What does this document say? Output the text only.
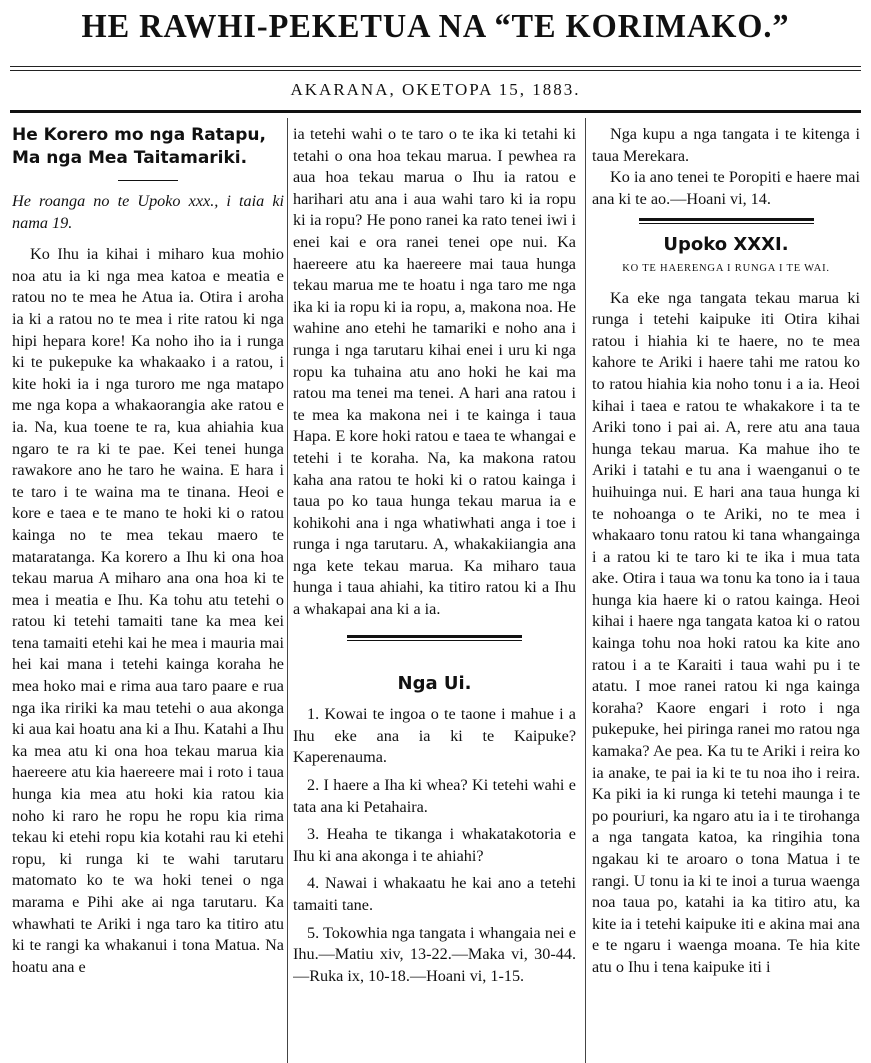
HE RAWHI-PEKETUA NA “TE KORIMAKO.”
AKARANA, OKETOPA 15, 1883.
He Korero mo nga Ratapu, Ma nga Mea Taitamariki.

He roanga no te Upoko xxx., i taia ki nama 19.

Ko Ihu ia kihai i miharo kua mohio noa atu ia ki nga mea katoa e meatia e ratou no te mea he Atua ia. Otira i aroha ia ki a ratou no te mea i rite ratou ki nga hipi hepara kore! Ka noho iho ia i runga ki te pukepuke ka whakaako i a ratou, i kite hoki ia i nga turoro me nga matapo me nga kopa a whakaorangia ake ratou e ia. Na, kua toene te ra, kua ahiahia kua ngaro te ra ki te pae. Kei tenei hunga rawakore ano he taro he waina. E hara i te taro i te waina ma te tinana. Heoi e kore e taea e te mano te hoki ki o ratou kainga no te mea tekau maero te mataratanga. Ka korero a Ihu ki ona hoa tekau marua A miharo ana ona hoa ki te mea i meatia e Ihu. Ka tohu atu tetehi o ratou ki tetehi tamaiti tane ka mea kei tena tamaiti etehi kai he mea i mauria mai hei kai mana i tetehi kainga koraha he mea hoko mai e rima aua taro paare e rua nga ika ririki ka mau tetehi o aua akonga ki aua kai hoatu ana ki a Ihu. Katahi a Ihu ka mea atu ki ona hoa tekau marua kia haereere atu kia haereere mai i roto i taua hunga kia mea atu hoki kia ratou kia noho ki raro he ropu he ropu kia rima tekau ki etehi ropu kia kotahi rau ki etehi ropu, ki runga ki te wahi tarutaru matomato ko te wa hoki tenei o nga marama e Pihi ake ai nga tarutaru. Ka whawhati te Ariki i nga taro ka titiro atu ki te rangi ka whakanui i tona Matua. Na hoatu ana e

ia tetehi wahi o te taro o te ika ki tetahi ki tetahi o ona hoa tekau marua. I pewhea ra aua hoa tekau marua o Ihu ia ratou e harihari atu ana i aua wahi taro ki ia ropu ki ia ropu? He pono ranei ka rato tenei iwi i enei kai e ora ranei tenei ope nui. Ka haereere atu ka haereere mai taua hunga tekau marua me te hoatu i nga taro me nga ika ki ia ropu ki ia ropu, a, makona noa. He wahine ano etehi he tamariki e noho ana i runga i nga tarutaru kihai enei i uru ki nga ropu ka tuhaina atu ano hoki he kai ma ratou ma tenei ma tenei. A hari ana ratou i te mea ka makona nei i te kainga i taua Hapa. E kore hoki ratou e taea te whangai e tetehi i te koraha. Na, ka makona ratou kaha ana ratou te hoki ki o ratou kainga i taua po ko taua hunga tekau marua ia e kohikohi ana i nga whatiwhati anga i toe i runga i nga tarutaru. A, whakakiiangia ana nga kete tekau marua. Ka miharo taua hunga i taua ahiahi, ka titiro ratou ki a Ihu a whakapai ana ki a ia.

Nga Ui.

1. Kowai te ingoa o te taone i mahue i a Ihu eke ana ia ki te Kaipuke? Kaperenauma.

2. I haere a Iha ki whea? Ki tetehi wahi e tata ana ki Petahaira.

3. Heaha te tikanga i whakatakotoria e Ihu ki ana akonga i te ahiahi?

4. Nawai i whakaatu he kai ano a tetehi tamaiti tane.

5. Tokowhia nga tangata i whangaia nei e Ihu.—Matiu xiv, 13-22.—Maka vi, 30-44.—Ruka ix, 10-18.—Hoani vi, 1-15.

Nga kupu a nga tangata i te kitenga i taua Merekara.

Ko ia ano tenei te Poropiti e haere mai ana ki te ao.—Hoani vi, 14.

Upoko XXXI.
KO TE HAERENGA I RUNGA I TE WAI.

Ka eke nga tangata tekau marua ki runga i tetehi kaipuke iti Otira kihai ratou i hiahia ki te haere, no te mea kahore te Ariki i haere tahi me ratou ko to ratou hiahia kia noho tonu i a ia. Heoi kihai i taea e ratou te whakakore i ta te Ariki tono i pai ai. A, rere atu ana taua hunga tekau marua. Ka mahue iho te Ariki i tatahi e tu ana i waenganui o te huihuinga nui. E hari ana taua hunga ki te nohoanga o te Ariki, no te mea i whakaaro tonu ratou ki tana whangainga i a ratou ki te taro ki te ika i mua tata ake. Otira i taua wa tonu ka tono ia i taua hunga kia haere ki o ratou kainga. Heoi kihai i haere nga tangata katoa ki o ratou kainga tohu noa hoki ratou ka kite ano ratou i a te Karaiti i taua wahi pu i te atatu. I moe ranei ratou ki nga kainga koraha? Kaore engari i roto i nga pukepuke, hei piringa ranei mo ratou nga kamaka? Ae pea. Ka tu te Ariki i reira ko ia anake, te pai ia ki te tu noa iho i reira. Ka piki ia ki runga ki tetehi maunga i te po pouriuri, ka ngaro atu ia i te tirohanga a nga tangata katoa, ka ringihia tona ngakau ki te aroaro o tona Matua i te rangi. U tonu ia ki te inoi a turua waenga noa taua po, katahi ia ka titiro atu, ka kite ia i tetehi kaipuke iti e akina mai ana e te ngaru i waenga moana. Te hia kite atu o Ihu i tena kaipuke iti i
